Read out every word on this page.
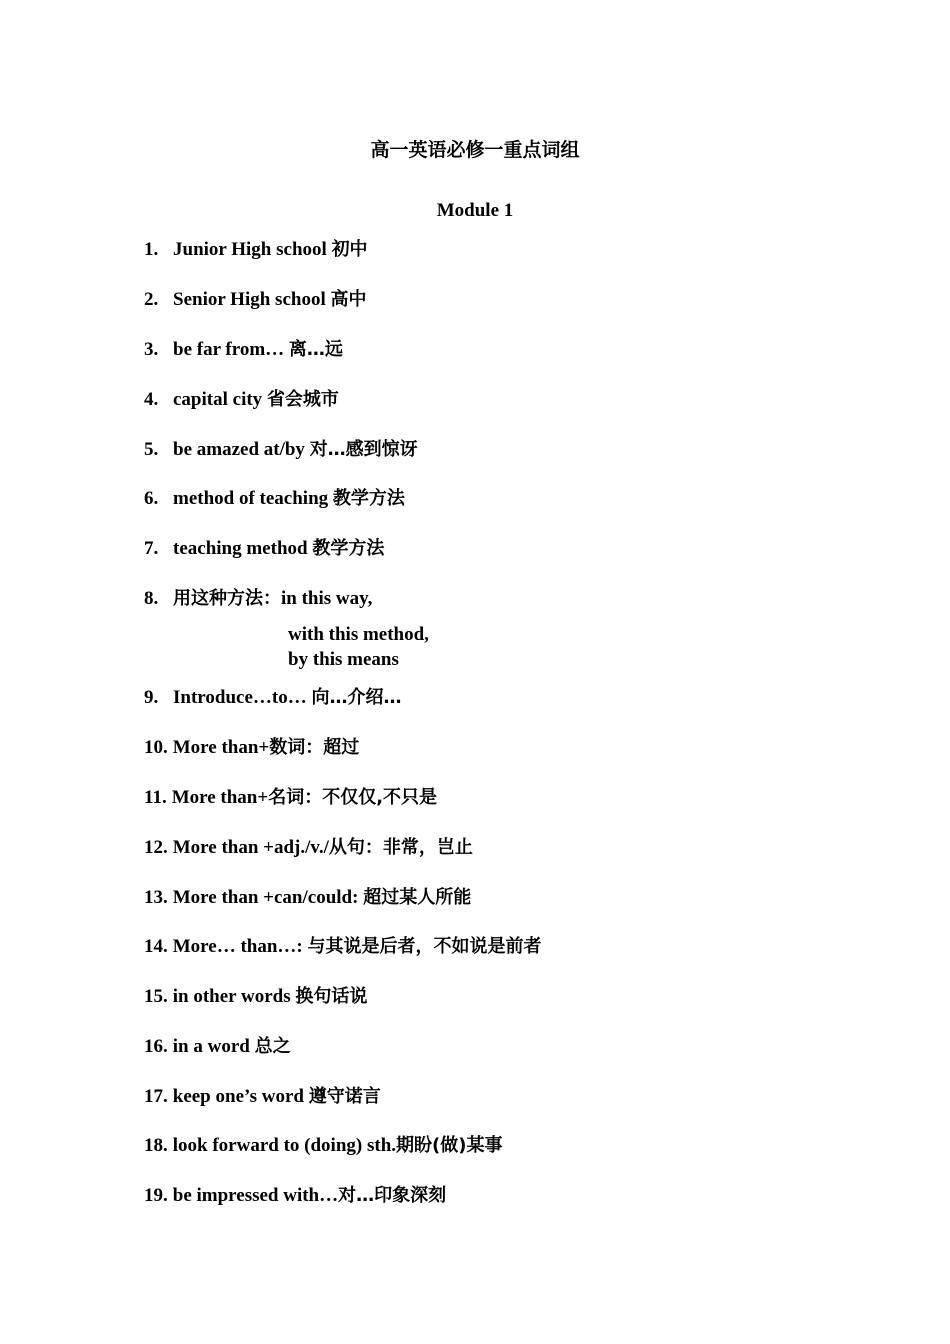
高一英语必修一重点词组
Module 1
1. Junior High school 初中
2. Senior High school 高中
3. be far from… 离…远
4. capital city 省会城市
5. be amazed at/by 对…感到惊讶
6. method of teaching 教学方法
7. teaching method 教学方法
8. 用这种方法：in this way,
with this method,
by this means
9. Introduce…to… 向…介绍…
10. More than+数词：超过
11. More than+名词：不仅仅,不只是
12. More than +adj./v./从句：非常，岂止
13. More than +can/could: 超过某人所能
14. More… than…: 与其说是后者，不如说是前者
15. in other words 换句话说
16. in a word 总之
17. keep one’s word 遵守诺言
18. look forward to (doing) sth.期盼(做)某事
19. be impressed with…对…印象深刻
